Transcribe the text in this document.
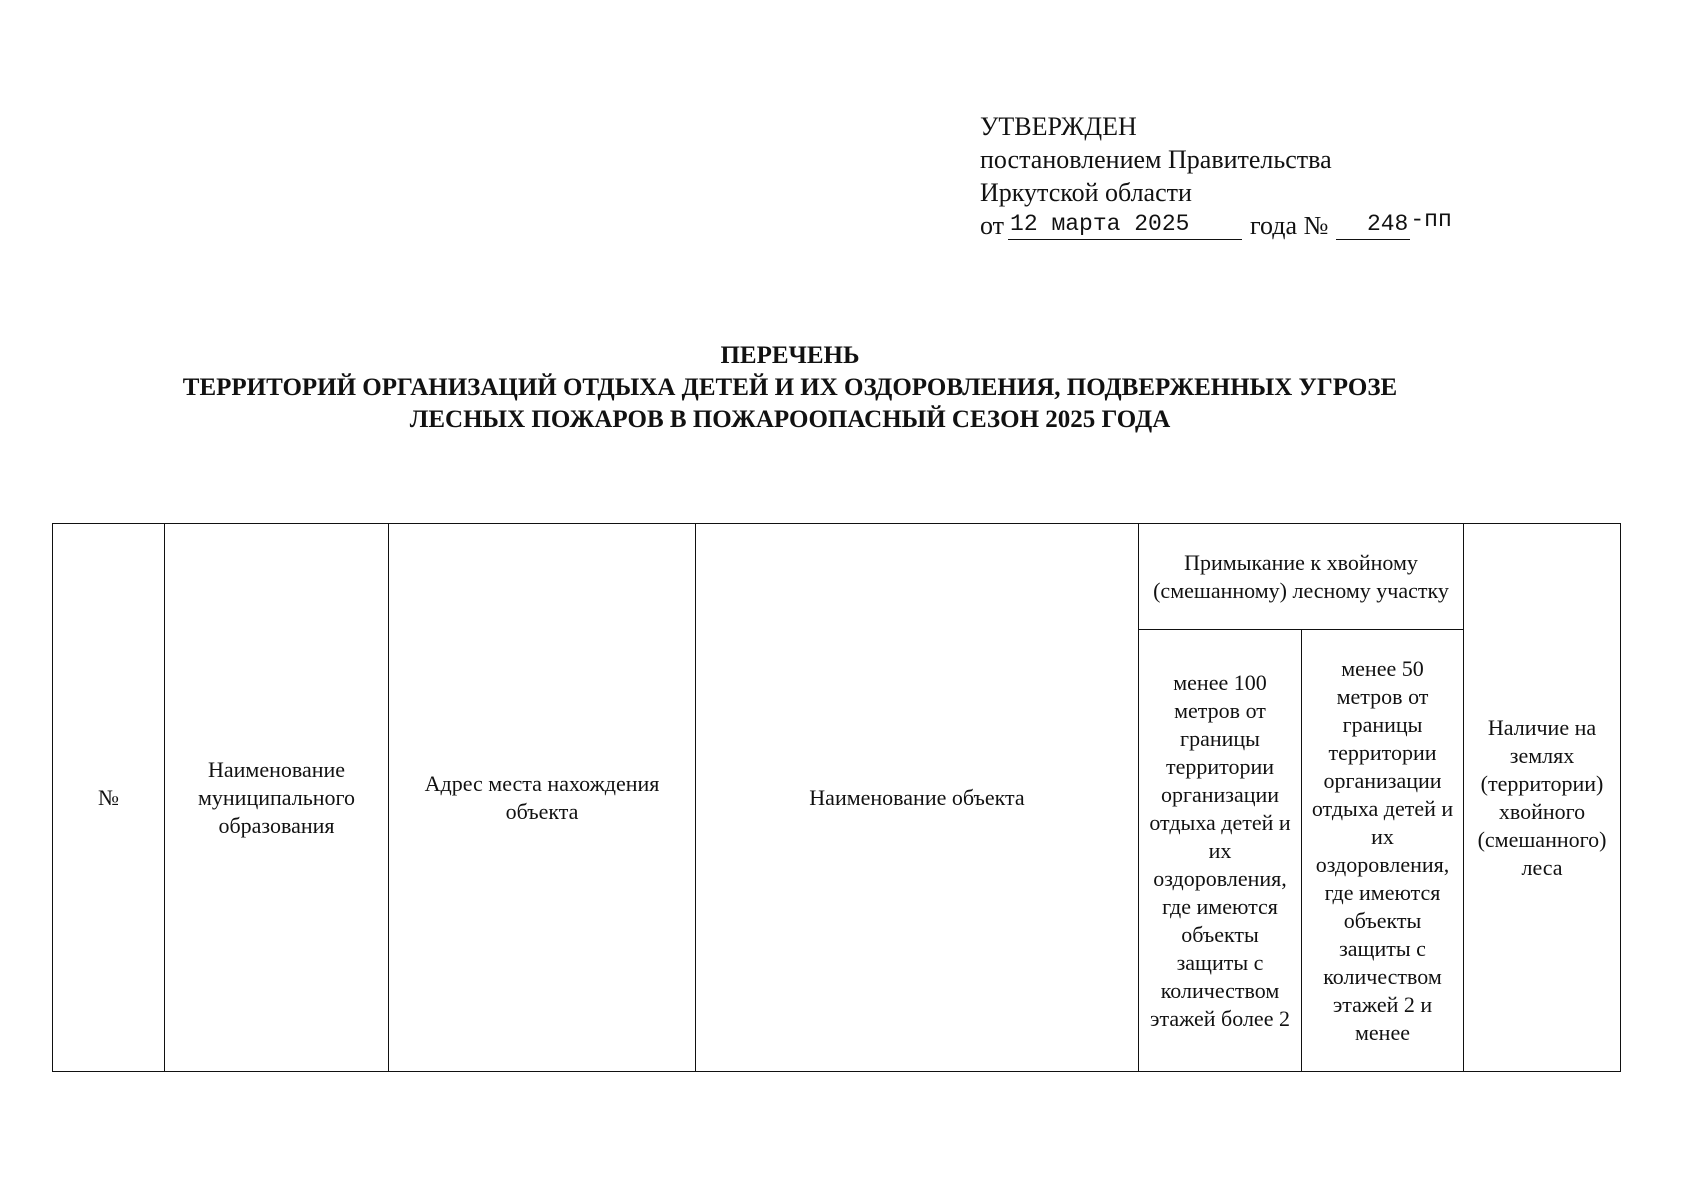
УТВЕРЖДЕН
постановлением Правительства
Иркутской области
от 12 марта 2025	года №	248 -пп
ПЕРЕЧЕНЬ
ТЕРРИТОРИЙ ОРГАНИЗАЦИЙ ОТДЫХА ДЕТЕЙ И ИХ ОЗДОРОВЛЕНИЯ, ПОДВЕРЖЕННЫХ УГРОЗЕ
ЛЕСНЫХ ПОЖАРОВ В ПОЖАРООПАСНЫЙ СЕЗОН 2025 ГОДА
№	Наименование муниципального образования	Адрес места нахождения объекта	Наименование объекта	Примыкание к хвойному (смешанному) лесному участку		Наличие на землях (территории) хвойного (смешанного) леса
				менее 100 метров от границы территории организации отдыха детей и их оздоровления, где имеются объекты защиты с количеством этажей более 2	менее 50 метров от границы территории организации отдыха детей и их оздоровления, где имеются объекты защиты с количеством этажей 2 и менее	
